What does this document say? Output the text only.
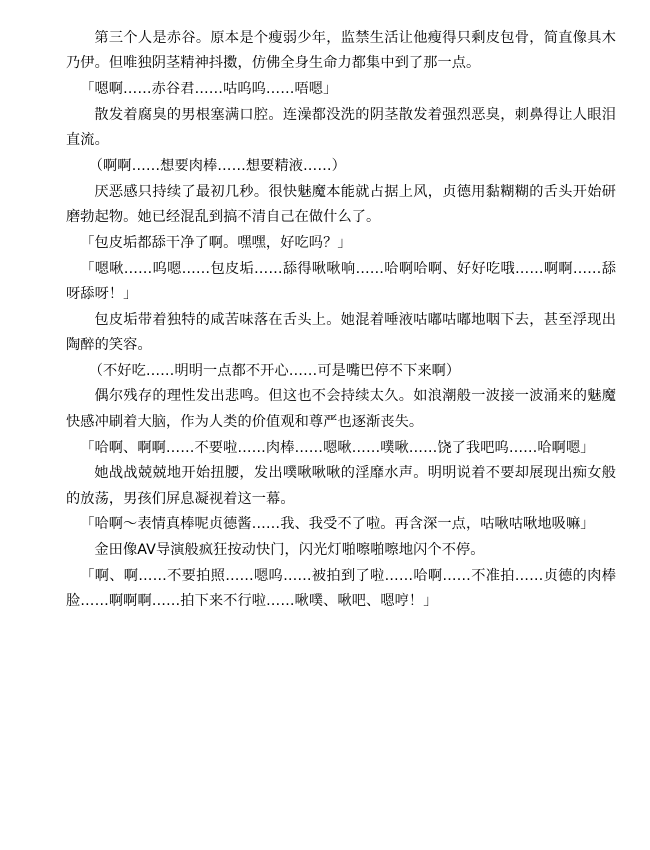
第三个人是赤谷。原本是个瘦弱少年，监禁生活让他瘦得只剩皮包骨，简直像具木乃伊。但唯独阴茎精神抖擞，仿佛全身生命力都集中到了那一点。

「嗯啊……赤谷君……咕呜呜……唔嗯」

散发着腐臭的男根塞满口腔。连澡都没洗的阴茎散发着强烈恶臭，刺鼻得让人眼泪直流。

（啊啊……想要肉棒……想要精液……）

厌恶感只持续了最初几秒。很快魅魔本能就占据上风，贞德用黏糊糊的舌头开始研磨勃起物。她已经混乱到搞不清自己在做什么了。

「包皮垢都舔干净了啊。嘿嘿，好吃吗？」

「嗯啾……呜嗯……包皮垢……舔得啾啾响……哈啊哈啊、好好吃哦……啊啊……舔呀舔呀！」

包皮垢带着独特的咸苦味落在舌头上。她混着唾液咕嘟咕嘟地咽下去，甚至浮现出陶醉的笑容。

（不好吃……明明一点都不开心……可是嘴巴停不下来啊）

偶尔残存的理性发出悲鸣。但这也不会持续太久。如浪潮般一波接一波涌来的魅魔快感冲刷着大脑，作为人类的价值观和尊严也逐渐丧失。

「哈啊、啊啊……不要啦……肉棒……嗯啾……噗啾……饶了我吧呜……哈啊嗯」

她战战兢兢地开始扭腰，发出噗啾啾啾的淫靡水声。明明说着不要却展现出痴女般的放荡，男孩们屏息凝视着这一幕。

「哈啊～表情真棒呢贞德酱……我、我受不了啦。再含深一点，咕啾咕啾地吸嘛」

金田像AV导演般疯狂按动快门，闪光灯啪嚓啪嚓地闪个不停。

「啊、啊……不要拍照……嗯呜……被拍到了啦……哈啊……不准拍……贞德的肉棒脸……啊啊啊……拍下来不行啦……啾噗、啾吧、嗯哼！」
